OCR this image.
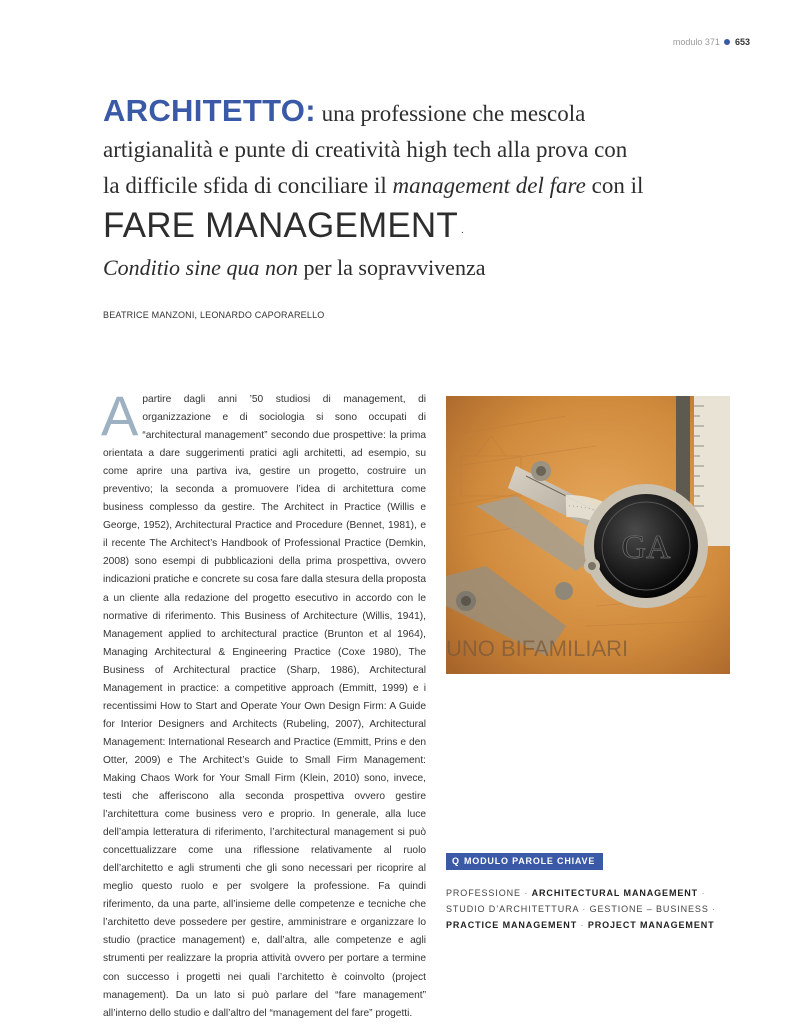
modulo 371 653
ARCHITETTO: una professione che mescola
artigianalità e punte di creatività high tech alla prova con
la difficile sfida di conciliare il management del fare con il
FARE MANAGEMENT .
Conditio sine qua non per la sopravvivenza
BEATRICE MANZONI, LEONARDO CAPORARELLO
Apartire dagli anni ’50 studiosi di management, di organizzazione e di sociologia si sono occupati di “architectural management” secondo due prospettive: la prima orientata a dare suggerimenti pratici agli architetti, ad esempio, su come aprire una partiva iva, gestire un progetto, costruire un preventivo; la seconda a promuovere l’idea di architettura come business complesso da gestire. The Architect in Practice (Willis e George, 1952), Architectural Practice and Procedure (Bennet, 1981), e il recente The Architect’s Handbook of Professional Practice (Demkin, 2008) sono esempi di pubblicazioni della prima prospettiva, ovvero indicazioni pratiche e concrete su cosa fare dalla stesura della proposta a un cliente alla redazione del progetto esecutivo in accordo con le normative di riferimento. This Business of Architecture (Willis, 1941), Management applied to architectural practice (Brunton et al 1964), Managing Architectural & Engineering Practice (Coxe 1980), The Business of Architectural practice (Sharp, 1986), Architectural Management in practice: a competitive approach (Emmitt, 1999) e i recentissimi How to Start and Operate Your Own Design Firm: A Guide for Interior Designers and Architects (Rubeling, 2007), Architectural Management: International Research and Practice (Emmitt, Prins e den Otter, 2009) e The Architect’s Guide to Small Firm Management: Making Chaos Work for Your Small Firm (Klein, 2010) sono, invece, testi che afferiscono alla seconda prospettiva ovvero gestire l’architettura come business vero e proprio. In generale, alla luce dell’ampia letteratura di riferimento, l’architectural management si può concettualizzare come una riflessione relativamente al ruolo dell’architetto e agli strumenti che gli sono necessari per ricoprire al meglio questo ruolo e per svolgere la professione. Fa quindi riferimento, da una parte, all’insieme delle competenze e tecniche che l’architetto deve possedere per gestire, amministrare e organizzare lo studio (practice management) e, dall’altra, alle competenze e agli strumenti per realizzare la propria attività ovvero per portare a termine con successo i progetti nei quali l’architetto è coinvolto (project management). Da un lato si può parlare del “fare management” all’interno dello studio e dall’altro del “management del fare” progetti.
GA
UNO BIFAMILIARI
Q MODULO PAROLE CHIAVE
PROFESSIONE · ARCHITECTURAL MANAGEMENT ·
STUDIO D’ARCHITETTURA · GESTIONE – BUSINESS ·
PRACTICE MANAGEMENT · PROJECT MANAGEMENT
